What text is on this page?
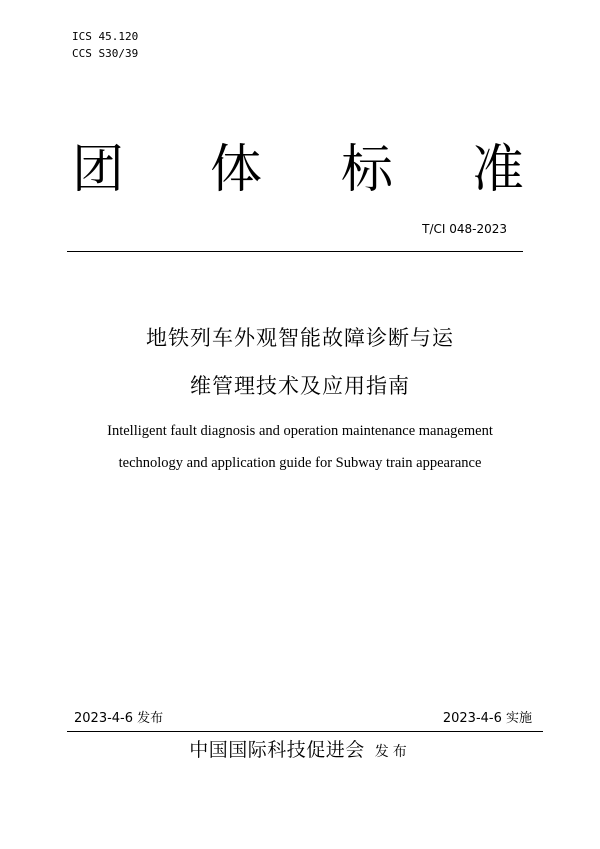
ICS 45.120
CCS S30/39
团 体 标 准
T/CI 048-2023
地铁列车外观智能故障诊断与运
维管理技术及应用指南
Intelligent fault diagnosis and operation maintenance management
technology and application guide for Subway train appearance
2023-4-6 发布	2023-4-6 实施
中国国际科技促进会 发布
